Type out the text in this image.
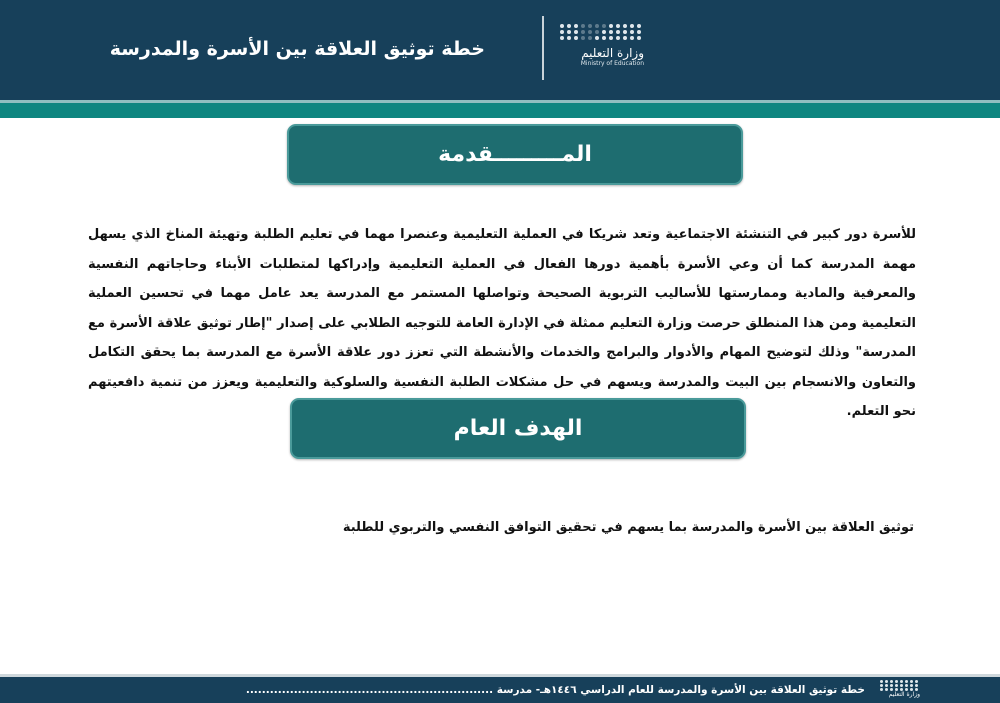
خطة توثيق العلاقة بين الأسرة والمدرسة	وزارة التعليم
Ministry of Education
المـــــــــقدمة
للأسرة دور كبير في التنشئة الاجتماعية وتعد شريكا في العملية التعليمية وعنصرا مهما في تعليم الطلبة وتهيئة المناخ الذي يسهل مهمة المدرسة كما أن وعي الأسرة بأهمية دورها الفعال في العملية التعليمية وإدراكها لمتطلبات الأبناء وحاجاتهم النفسية والمعرفية والمادية وممارستها للأساليب التربوية الصحيحة وتواصلها المستمر مع المدرسة يعد عامل مهما في تحسين العملية التعليمية ومن هذا المنطلق حرصت وزارة التعليم ممثلة في الإدارة العامة للتوجيه الطلابي على إصدار "إطار توثيق علاقة الأسرة مع المدرسة" وذلك لتوضيح المهام والأدوار والبرامج والخدمات والأنشطة التي تعزز دور علاقة الأسرة مع المدرسة بما يحقق التكامل والتعاون والانسجام بين البيت والمدرسة ويسهم في حل مشكلات الطلبة النفسية والسلوكية والتعليمية ويعزز من تنمية دافعيتهم نحو التعلم.
الهدف العام
توثيق العلاقة بين الأسرة والمدرسة بما يسهم في تحقيق التوافق النفسي والتربوي للطلبة
خطة توثيق العلاقة بين الأسرة والمدرسة للعام الدراسي ١٤٤٦هـ- مدرسة ..............................................................	وزارة التعليم
